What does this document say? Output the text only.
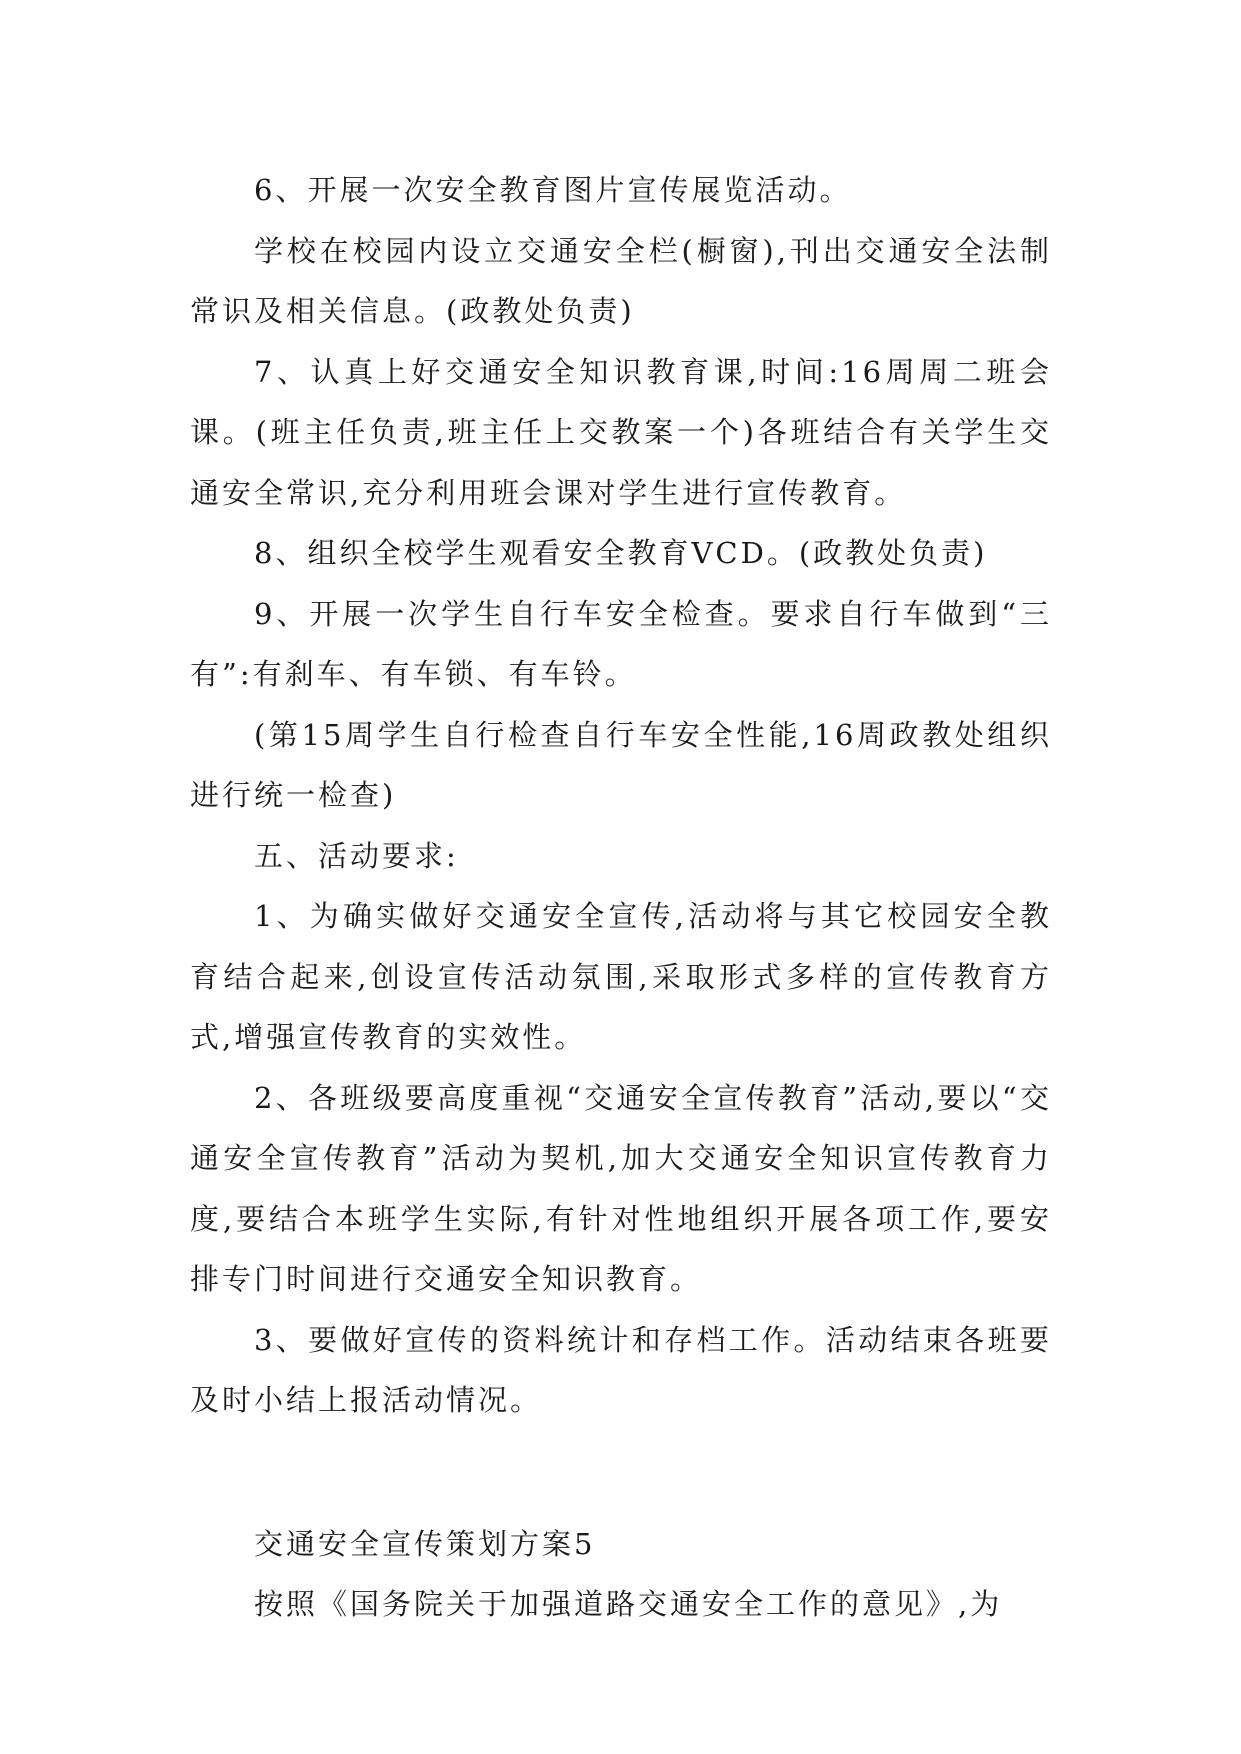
6、开展一次安全教育图片宣传展览活动。

学校在校园内设立交通安全栏(橱窗),刊出交通安全法制常识及相关信息。(政教处负责)

7、认真上好交通安全知识教育课,时间:16周周二班会课。(班主任负责,班主任上交教案一个)各班结合有关学生交通安全常识,充分利用班会课对学生进行宣传教育。

8、组织全校学生观看安全教育VCD。(政教处负责)

9、开展一次学生自行车安全检查。要求自行车做到“三有”:有刹车、有车锁、有车铃。

(第15周学生自行检查自行车安全性能,16周政教处组织进行统一检查)

五、活动要求:

1、为确实做好交通安全宣传,活动将与其它校园安全教育结合起来,创设宣传活动氛围,采取形式多样的宣传教育方式,增强宣传教育的实效性。

2、各班级要高度重视“交通安全宣传教育”活动,要以“交通安全宣传教育”活动为契机,加大交通安全知识宣传教育力度,要结合本班学生实际,有针对性地组织开展各项工作,要安排专门时间进行交通安全知识教育。

3、要做好宣传的资料统计和存档工作。活动结束各班要及时小结上报活动情况。

交通安全宣传策划方案5

按照《国务院关于加强道路交通安全工作的意见》,为
